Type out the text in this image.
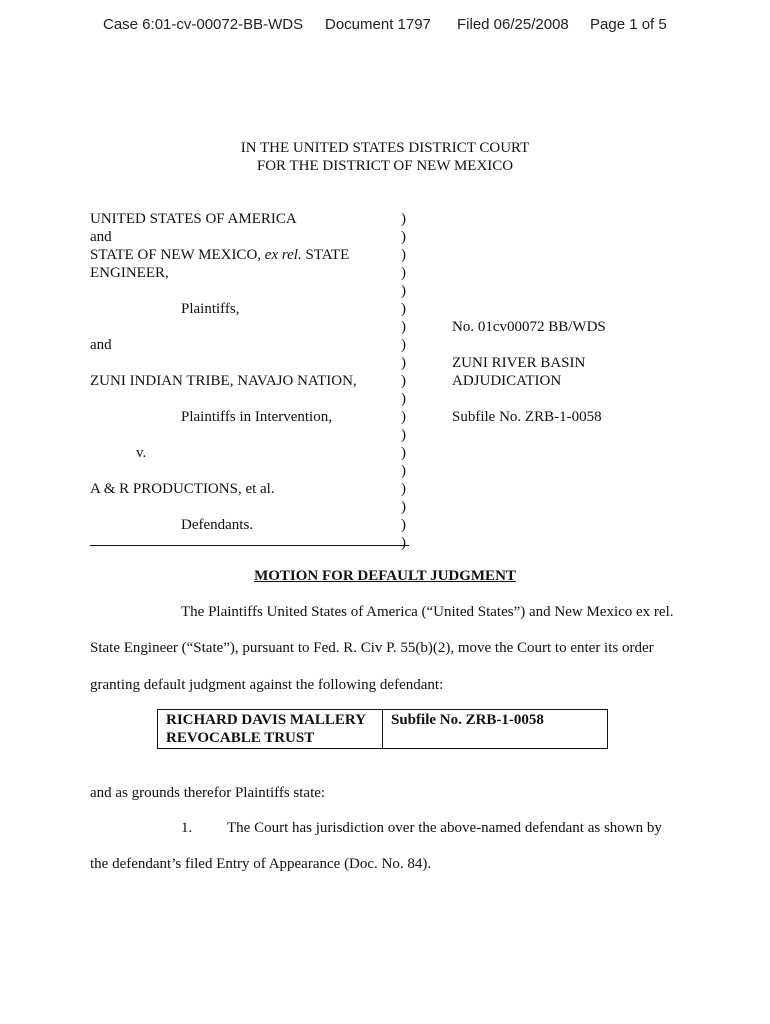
Case 6:01-cv-00072-BB-WDS Document 1797 Filed 06/25/2008 Page 1 of 5
IN THE UNITED STATES DISTRICT COURT
FOR THE DISTRICT OF NEW MEXICO
UNITED STATES OF AMERICA
and
STATE OF NEW MEXICO, ex rel. STATE
ENGINEER,
Plaintiffs,
and
ZUNI INDIAN TRIBE, NAVAJO NATION,
Plaintiffs in Intervention,
v.
A & R PRODUCTIONS, et al.
Defendants.
)
)
)
)
)
)
)
)
)
)
)
)
)
)
)
)
)
)
)
No. 01cv00072 BB/WDS
ZUNI RIVER BASIN
ADJUDICATION
Subfile No. ZRB-1-0058
MOTION FOR DEFAULT JUDGMENT
The Plaintiffs United States of America (“United States”) and New Mexico ex rel.
State Engineer (“State”), pursuant to Fed. R. Civ P. 55(b)(2), move the Court to enter its order
granting default judgment against the following defendant:
RICHARD DAVIS MALLERY
REVOCABLE TRUST

Subfile No. ZRB-1-0058
and as grounds therefor Plaintiffs state:
1. The Court has jurisdiction over the above-named defendant as shown by
the defendant’s filed Entry of Appearance (Doc. No. 84).
